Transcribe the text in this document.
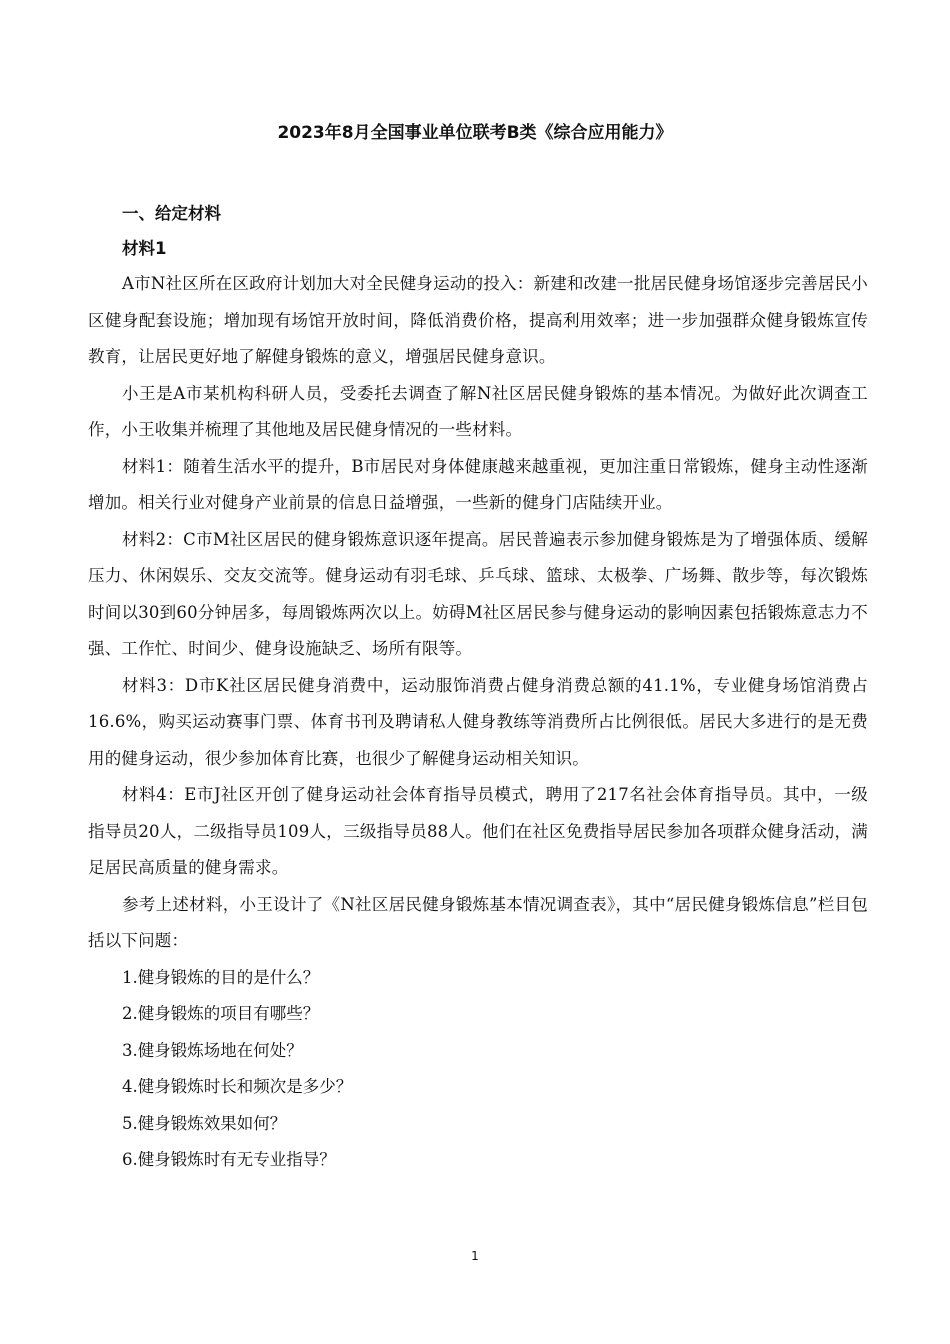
2023年8月全国事业单位联考B类《综合应用能力》

一、给定材料

材料1

A市N社区所在区政府计划加大对全民健身运动的投入：新建和改建一批居民健身场馆逐步完善居民小区健身配套设施；增加现有场馆开放时间，降低消费价格，提高利用效率；进一步加强群众健身锻炼宣传教育，让居民更好地了解健身锻炼的意义，增强居民健身意识。

小王是A市某机构科研人员，受委托去调查了解N社区居民健身锻炼的基本情况。为做好此次调查工作，小王收集并梳理了其他地及居民健身情况的一些材料。

材料1：随着生活水平的提升，B市居民对身体健康越来越重视，更加注重日常锻炼，健身主动性逐渐增加。相关行业对健身产业前景的信息日益增强，一些新的健身门店陆续开业。

材料2：C市M社区居民的健身锻炼意识逐年提高。居民普遍表示参加健身锻炼是为了增强体质、缓解压力、休闲娱乐、交友交流等。健身运动有羽毛球、乒乓球、篮球、太极拳、广场舞、散步等，每次锻炼时间以30到60分钟居多，每周锻炼两次以上。妨碍M社区居民参与健身运动的影响因素包括锻炼意志力不强、工作忙、时间少、健身设施缺乏、场所有限等。

材料3：D市K社区居民健身消费中，运动服饰消费占健身消费总额的41.1%，专业健身场馆消费占16.6%，购买运动赛事门票、体育书刊及聘请私人健身教练等消费所占比例很低。居民大多进行的是无费用的健身运动，很少参加体育比赛，也很少了解健身运动相关知识。

材料4：E市J社区开创了健身运动社会体育指导员模式，聘用了217名社会体育指导员。其中，一级指导员20人，二级指导员109人，三级指导员88人。他们在社区免费指导居民参加各项群众健身活动，满足居民高质量的健身需求。

参考上述材料，小王设计了《N社区居民健身锻炼基本情况调查表》，其中“居民健身锻炼信息”栏目包括以下问题：

1.健身锻炼的目的是什么？

2.健身锻炼的项目有哪些？

3.健身锻炼场地在何处？

4.健身锻炼时长和频次是多少？

5.健身锻炼效果如何？

6.健身锻炼时有无专业指导？

1
